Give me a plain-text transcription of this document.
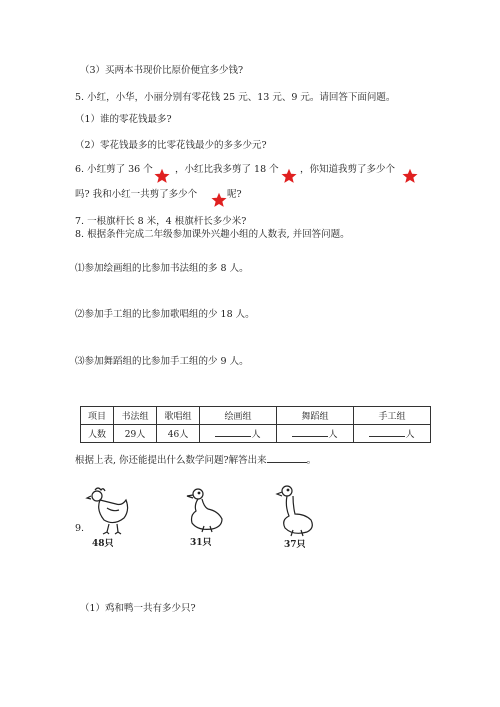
（3）买两本书现价比原价便宜多少钱?
5. 小红，小华，小丽分别有零花钱 25 元、13 元、9 元。请回答下面问题。
（1）谁的零花钱最多?
（2）零花钱最多的比零花钱最少的多多少元?
6. 小红剪了 36 个 ，小红比我多剪了 18 个 ，你知道我剪了多少个
吗? 我和小红一共剪了多少个	呢?
7. 一根旗杆长 8 米，4 根旗杆长多少米?
8. 根据条件完成二年级参加课外兴趣小组的人数表, 并回答问题。
⑴参加绘画组的比参加书法组的多 8 人。
⑵参加手工组的比参加歌唱组的少 18 人。
⑶参加舞蹈组的比参加手工组的少 9 人。
项目	书法组	歌唱组	绘画组	舞蹈组	手工组
人数	29人	46人	人	人	人
根据上表, 你还能提出什么数学问题?解答出来	。
9.
48只	31只	37只
（1）鸡和鸭一共有多少只?
